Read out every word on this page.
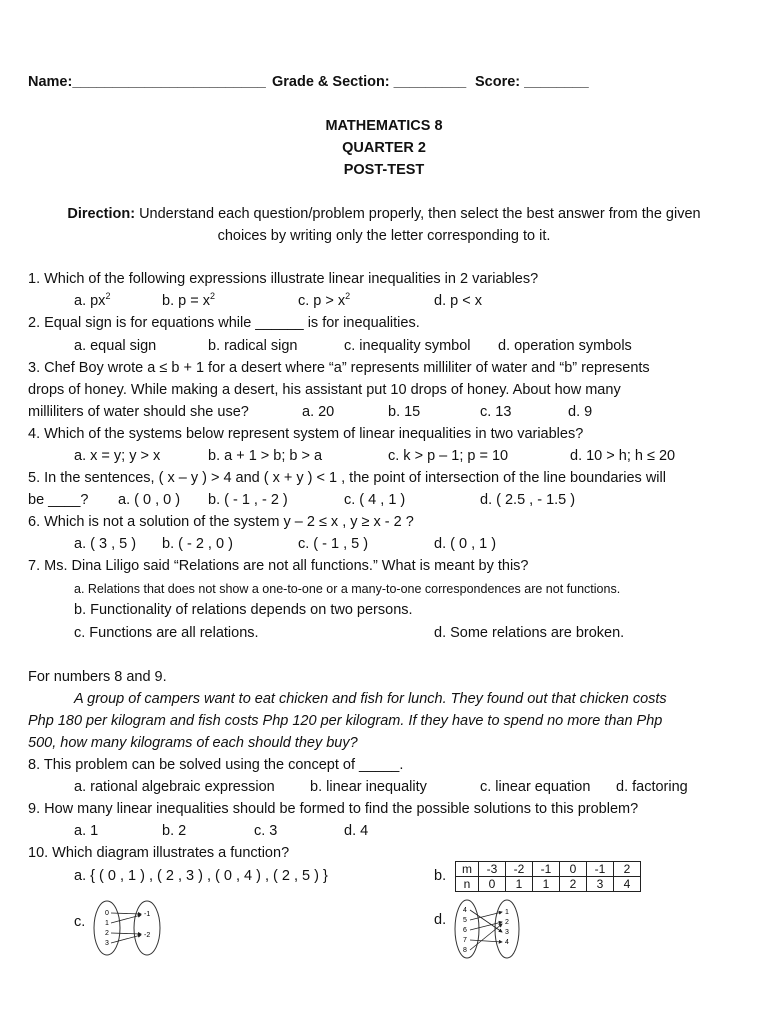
Name:________________________ Grade & Section: _________ Score: ________
MATHEMATICS 8
QUARTER 2
POST-TEST
Direction: Understand each question/problem properly, then select the best answer from the given
choices by writing only the letter corresponding to it.
1. Which of the following expressions illustrate linear inequalities in 2 variables?
a. $px^2$	b. $p = x^2$	c. $p > x^2$	d. p < x
2. Equal sign is for equations while ______ is for inequalities.
a. equal sign	b. radical sign	c. inequality symbol d. operation symbols
3. Chef Boy wrote a ≤ b + 1 for a desert where “a” represents milliliter of water and “b” represents
drops of honey. While making a desert, his assistant put 10 drops of honey. About how many
milliliters of water should she use?	a. 20	b. 15	c. 13	d. 9
4. Which of the systems below represent system of linear inequalities in two variables?
a. x = y; y > x	b. a + 1 > b; b > a	c. k > p – 1; p = 10	d. 10 > h; h ≤ 20
5. In the sentences, ( x – y ) > 4 and ( x + y ) < 1 , the point of intersection of the line boundaries will
be ____? a. ( 0 , 0 ) b. ( - 1 , - 2 )	c. ( 4 , 1 )	d. ( 2.5 , - 1.5 )
6. Which is not a solution of the system y – 2 ≤ x , y ≥ x - 2 ?
a. ( 3 , 5 ) b. ( - 2 , 0 )	c. ( - 1 , 5 )	d. ( 0 , 1 )
7. Ms. Dina Liligo said “Relations are not all functions.” What is meant by this?
a. Relations that does not show a one-to-one or a many-to-one correspondences are not functions.
b. Functionality of relations depends on two persons.
c. Functions are all relations.	d. Some relations are broken.
For numbers 8 and 9.
A group of campers want to eat chicken and fish for lunch. They found out that chicken costs
Php 180 per kilogram and fish costs Php 120 per kilogram. If they have to spend no more than Php
500, how many kilograms of each should they buy?
8. This problem can be solved using the concept of _____.
a. rational algebraic expression b. linear inequality	c. linear equation d. factoring
9. How many linear inequalities should be formed to find the possible solutions to this problem?
a. 1	b. 2	c. 3	d. 4
10. Which diagram illustrates a function?
a. { ( 0 , 1 ) , ( 2 , 3 ) , ( 0 , 4 ) , ( 2 , 5 ) }	b. m	-3	-2	-1	0	-1	2
n	0	1	1	2	3	4
c.	d.
0
1
2
3
-1
-2
4
5
6
7
8
1
2
3
4
